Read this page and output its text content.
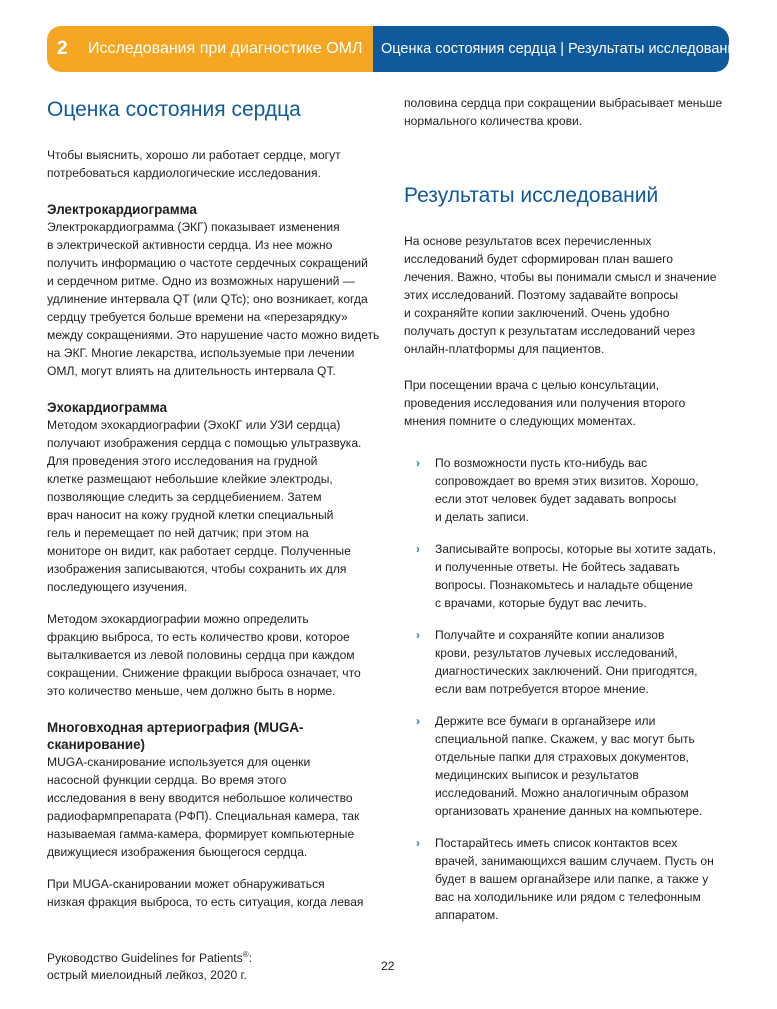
2 Исследования при диагностике ОМЛ Оценка состояния сердца | Результаты исследований
Оценка состояния сердца

Чтобы выяснить, хорошо ли работает сердце, могут
потребоваться кардиологические исследования.

Электрокардиограмма

Электрокардиограмма (ЭКГ) показывает изменения
в электрической активности сердца. Из нее можно
получить информацию о частоте сердечных сокращений
и сердечном ритме. Одно из возможных нарушений —
удлинение интервала QT (или QTc); оно возникает, когда
сердцу требуется больше времени на «перезарядку»
между сокращениями. Это нарушение часто можно видеть
на ЭКГ. Многие лекарства, используемые при лечении
ОМЛ, могут влиять на длительность интервала QT.

Эхокардиограмма

Методом эхокардиографии (ЭхоКГ или УЗИ сердца)
получают изображения сердца с помощью ультразвука.
Для проведения этого исследования на грудной
клетке размещают небольшие клейкие электроды,
позволяющие следить за сердцебиением. Затем
врач наносит на кожу грудной клетки специальный
гель и перемещает по ней датчик; при этом на
мониторе он видит, как работает сердце. Полученные
изображения записываются, чтобы сохранить их для
последующего изучения.

Методом эхокардиографии можно определить
фракцию выброса, то есть количество крови, которое
выталкивается из левой половины сердца при каждом
сокращении. Снижение фракции выброса означает, что
это количество меньше, чем должно быть в норме.

Многовходная артериография (MUGA-
сканирование)

MUGA-сканирование используется для оценки
насосной функции сердца. Во время этого
исследования в вену вводится небольшое количество
радиофармпрепарата (РФП). Специальная камера, так
называемая гамма-камера, формирует компьютерные
движущиеся изображения бьющегося сердца.

При MUGA-сканировании может обнаруживаться
низкая фракция выброса, то есть ситуация, когда левая

половина сердца при сокращении выбрасывает меньше
нормального количества крови.

Результаты исследований

На основе результатов всех перечисленных
исследований будет сформирован план вашего
лечения. Важно, чтобы вы понимали смысл и значение
этих исследований. Поэтому задавайте вопросы
и сохраняйте копии заключений. Очень удобно
получать доступ к результатам исследований через
онлайн-платформы для пациентов.

При посещении врача с целью консультации,
проведения исследования или получения второго
мнения помните о следующих моментах.

› По возможности пусть кто-нибудь вас
сопровождает во время этих визитов. Хорошо,
если этот человек будет задавать вопросы
и делать записи.
› Записывайте вопросы, которые вы хотите задать,
и полученные ответы. Не бойтесь задавать
вопросы. Познакомьтесь и наладьте общение
с врачами, которые будут вас лечить.
› Получайте и сохраняйте копии анализов
крови, результатов лучевых исследований,
диагностических заключений. Они пригодятся,
если вам потребуется второе мнение.
› Держите все бумаги в органайзере или
специальной папке. Скажем, у вас могут быть
отдельные папки для страховых документов,
медицинских выписок и результатов
исследований. Можно аналогичным образом
организовать хранение данных на компьютере.
› Постарайтесь иметь список контактов всех
врачей, занимающихся вашим случаем. Пусть он
будет в вашем органайзере или папке, а также у
вас на холодильнике или рядом с телефонным
аппаратом.
Руководство Guidelines for Patients®:
острый миелоидный лейкоз, 2020 г.
22
